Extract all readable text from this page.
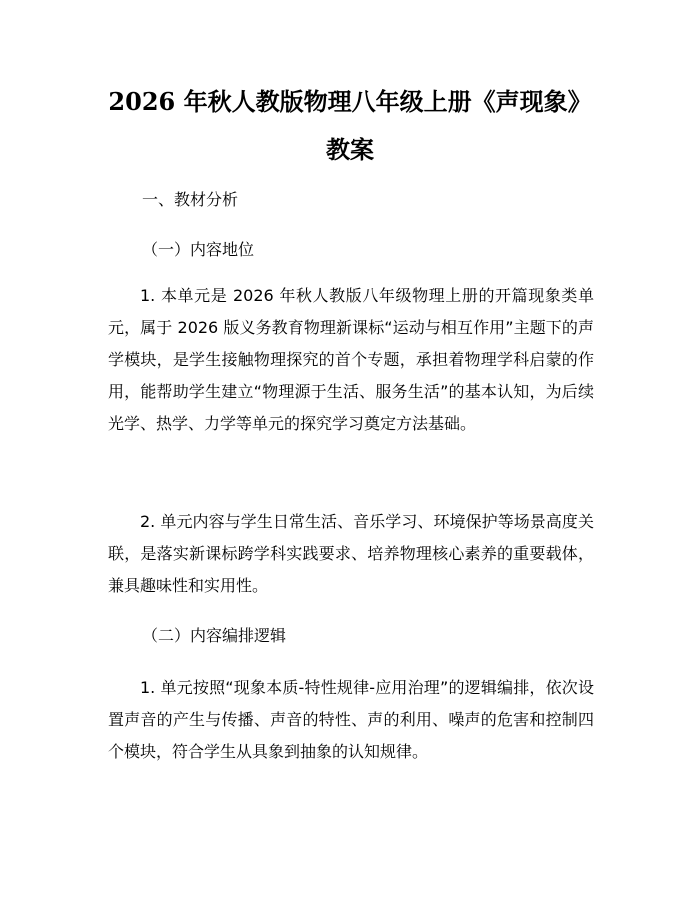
2026 年秋人教版物理八年级上册《声现象》
教案
一、教材分析
（一）内容地位
1. 本单元是 2026 年秋人教版八年级物理上册的开篇现象类单元，属于 2026 版义务教育物理新课标“运动与相互作用”主题下的声学模块，是学生接触物理探究的首个专题，承担着物理学科启蒙的作用，能帮助学生建立“物理源于生活、服务生活”的基本认知，为后续光学、热学、力学等单元的探究学习奠定方法基础。
2. 单元内容与学生日常生活、音乐学习、环境保护等场景高度关联，是落实新课标跨学科实践要求、培养物理核心素养的重要载体，兼具趣味性和实用性。
（二）内容编排逻辑
1. 单元按照“现象本质-特性规律-应用治理”的逻辑编排，依次设置声音的产生与传播、声音的特性、声的利用、噪声的危害和控制四个模块，符合学生从具象到抽象的认知规律。
